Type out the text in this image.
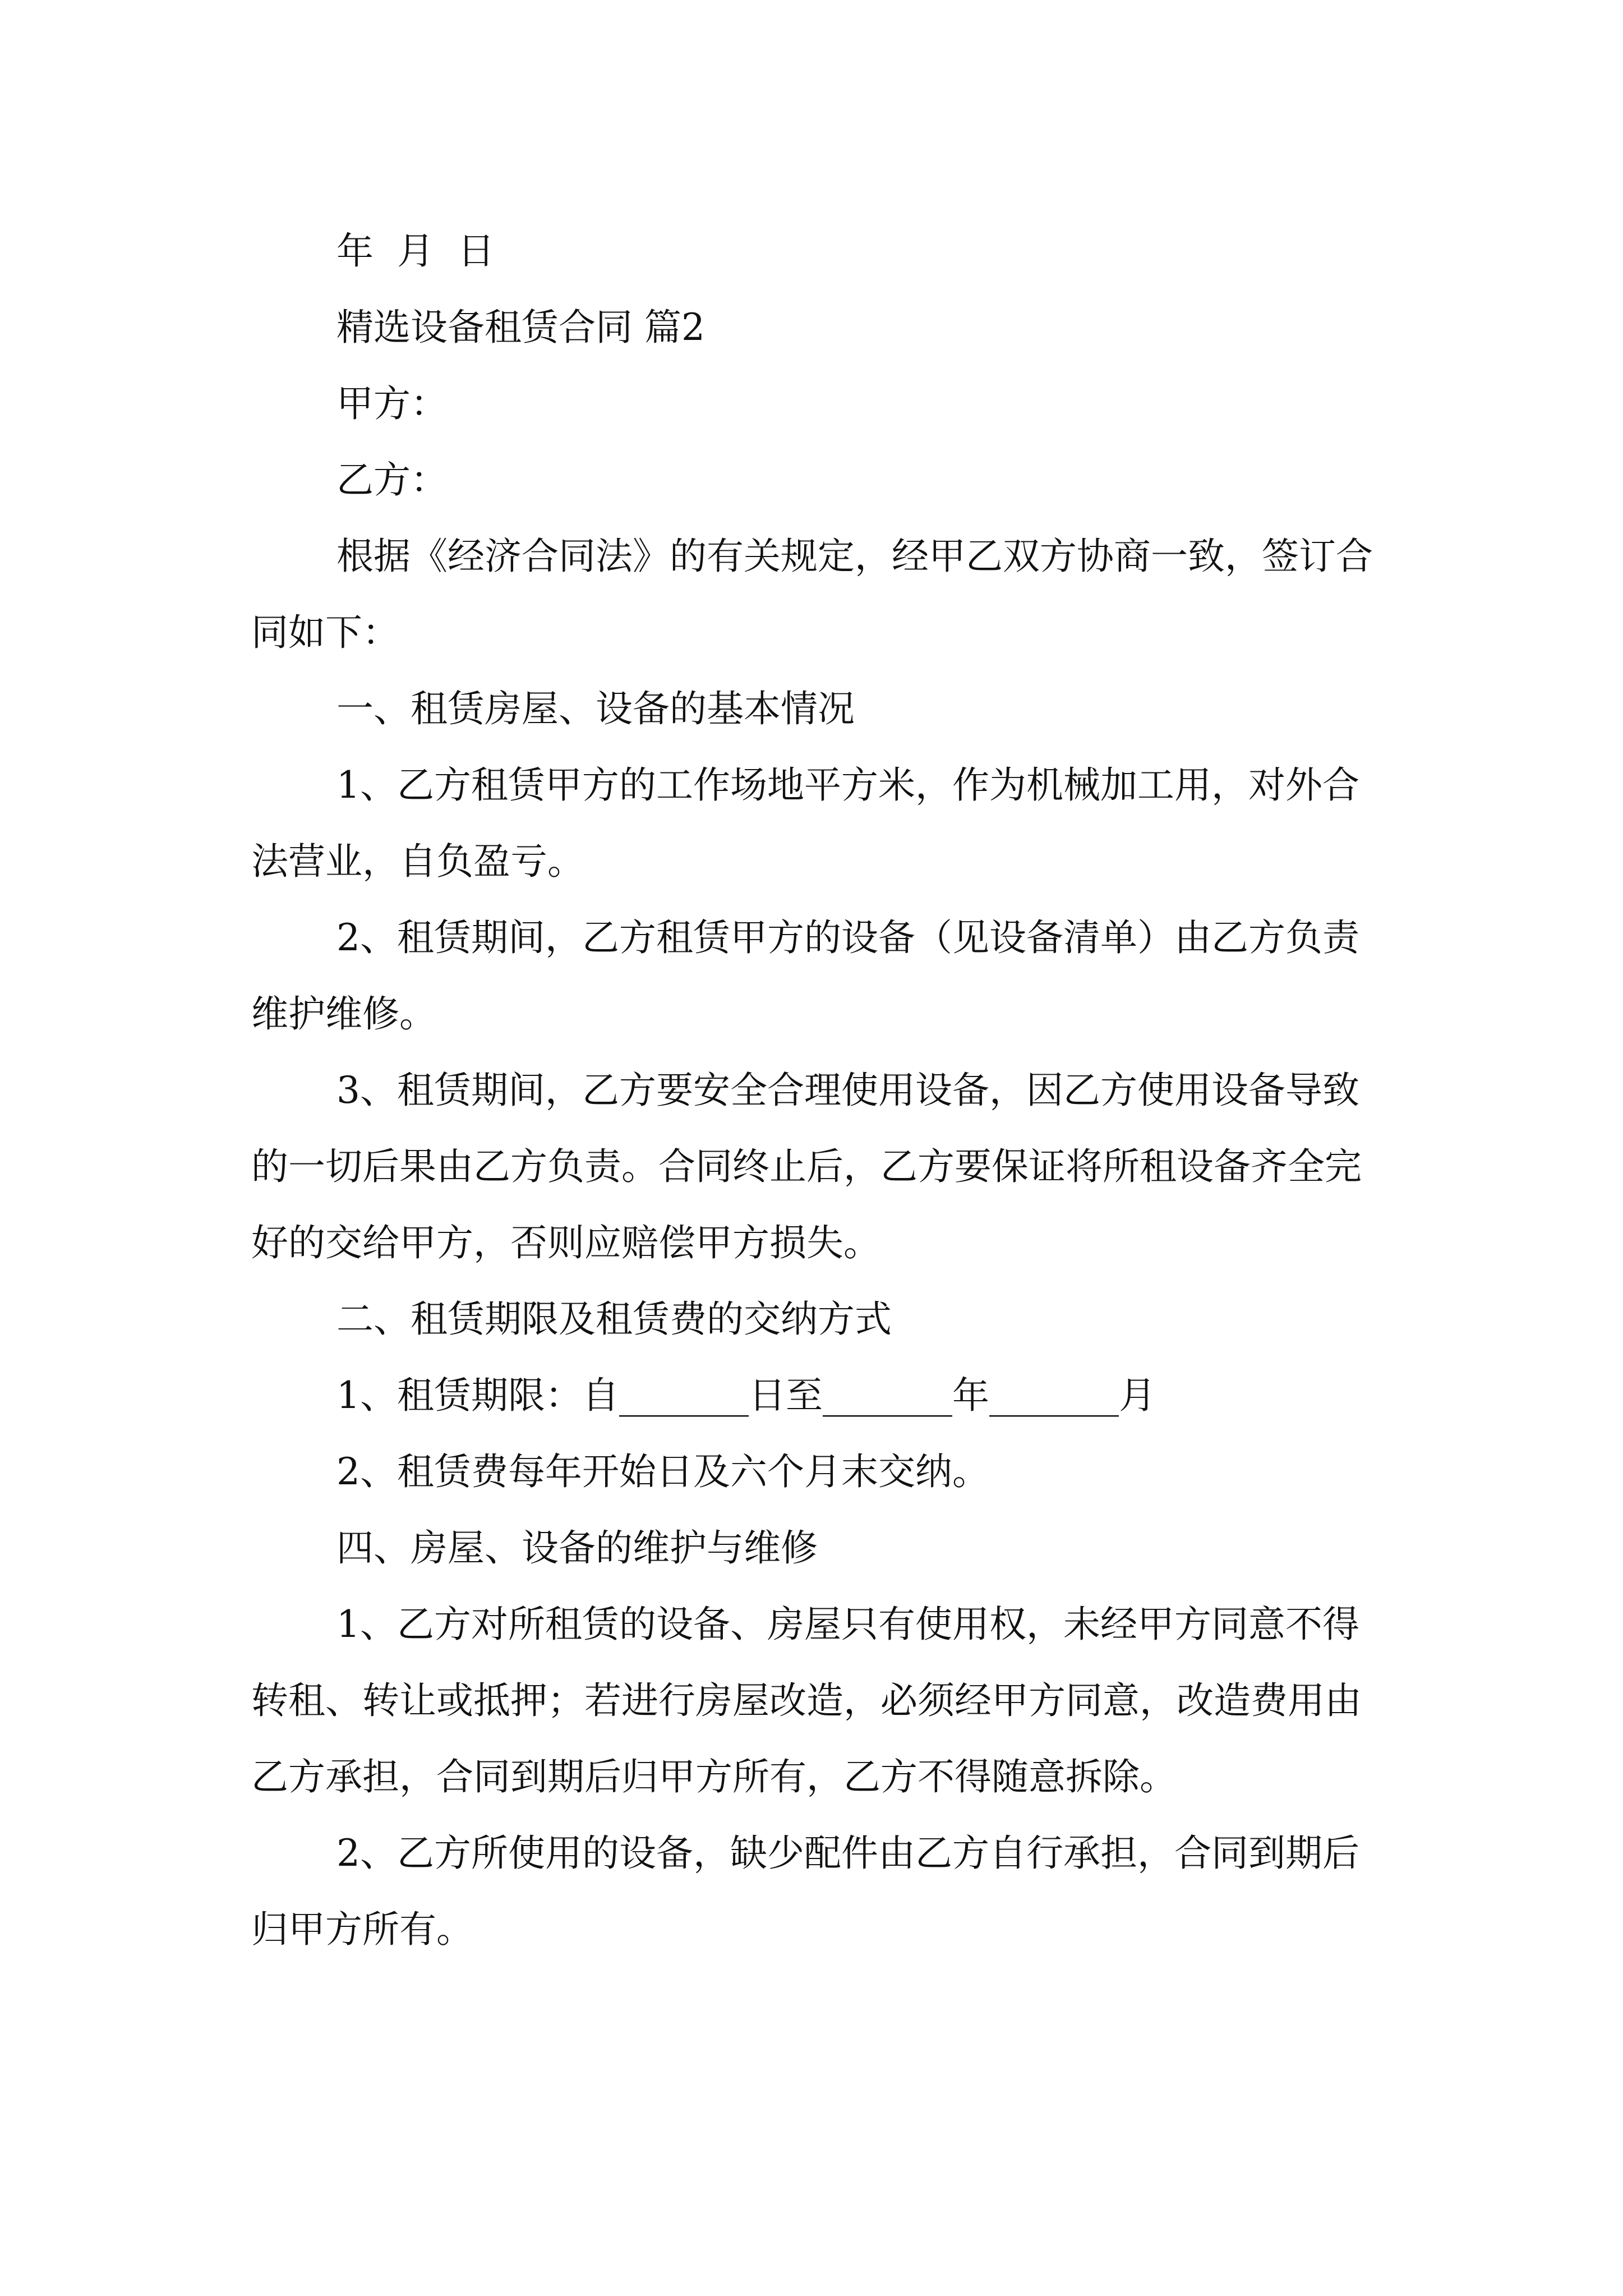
年  月  日

精选设备租赁合同 篇2

甲方：

乙方：

根据《经济合同法》的有关规定，经甲乙双方协商一致，签订合同如下：

一、租赁房屋、设备的基本情况

1、乙方租赁甲方的工作场地平方米，作为机械加工用，对外合法营业，自负盈亏。

2、租赁期间，乙方租赁甲方的设备（见设备清单）由乙方负责维护维修。

3、租赁期间，乙方要安全合理使用设备，因乙方使用设备导致的一切后果由乙方负责。合同终止后，乙方要保证将所租设备齐全完好的交给甲方，否则应赔偿甲方损失。

二、租赁期限及租赁费的交纳方式

1、租赁期限：自_______日至_______年_______月

2、租赁费每年开始日及六个月末交纳。

四、房屋、设备的维护与维修

1、乙方对所租赁的设备、房屋只有使用权，未经甲方同意不得转租、转让或抵押；若进行房屋改造，必须经甲方同意，改造费用由乙方承担，合同到期后归甲方所有，乙方不得随意拆除。

2、乙方所使用的设备，缺少配件由乙方自行承担，合同到期后归甲方所有。
